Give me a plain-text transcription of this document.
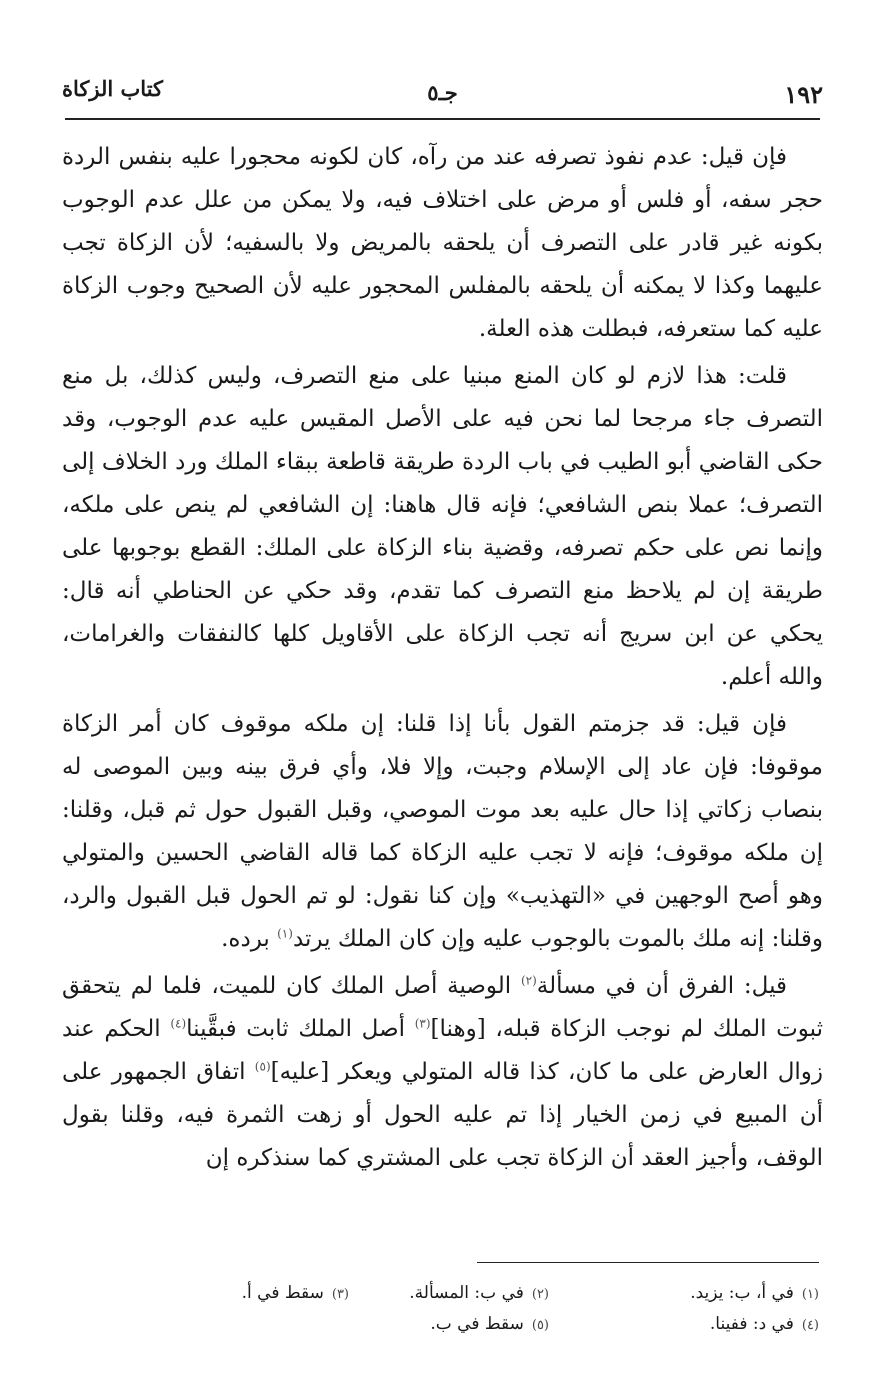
١٩٢
جـ٥
كتاب الزكاة

فإن قيل: عدم نفوذ تصرفه عند من رآه، كان لكونه محجورا عليه بنفس الردة حجر سفه، أو فلس أو مرض على اختلاف فيه، ولا يمكن من علل عدم الوجوب بكونه غير قادر على التصرف أن يلحقه بالمريض ولا بالسفيه؛ لأن الزكاة تجب عليهما وكذا لا يمكنه أن يلحقه بالمفلس المحجور عليه لأن الصحيح وجوب الزكاة عليه كما ستعرفه، فبطلت هذه العلة.

قلت: هذا لازم لو كان المنع مبنيا على منع التصرف، وليس كذلك، بل منع التصرف جاء مرجحا لما نحن فيه على الأصل المقيس عليه عدم الوجوب، وقد حكى القاضي أبو الطيب في باب الردة طريقة قاطعة ببقاء الملك ورد الخلاف إلى التصرف؛ عملا بنص الشافعي؛ فإنه قال هاهنا: إن الشافعي لم ينص على ملكه، وإنما نص على حكم تصرفه، وقضية بناء الزكاة على الملك: القطع بوجوبها على طريقة إن لم يلاحظ منع التصرف كما تقدم، وقد حكي عن الحناطي أنه قال: يحكي عن ابن سريج أنه تجب الزكاة على الأقاويل كلها كالنفقات والغرامات، والله أعلم.

فإن قيل: قد جزمتم القول بأنا إذا قلنا: إن ملكه موقوف كان أمر الزكاة موقوفا: فإن عاد إلى الإسلام وجبت، وإلا فلا، وأي فرق بينه وبين الموصى له بنصاب زكاتي إذا حال عليه بعد موت الموصي، وقبل القبول حول ثم قبل، وقلنا: إن ملكه موقوف؛ فإنه لا تجب عليه الزكاة كما قاله القاضي الحسين والمتولي وهو أصح الوجهين في «التهذيب» وإن كنا نقول: لو تم الحول قبل القبول والرد، وقلنا: إنه ملك بالموت بالوجوب عليه وإن كان الملك يرتد$^{(١)}$ برده.

قيل: الفرق أن في مسألة$^{(٢)}$ الوصية أصل الملك كان للميت، فلما لم يتحقق ثبوت الملك لم نوجب الزكاة قبله، [وهنا]$^{(٣)}$ أصل الملك ثابت فبقَّينا$^{(٤)}$ الحكم عند زوال العارض على ما كان، كذا قاله المتولي ويعكر [عليه]$^{(٥)}$ اتفاق الجمهور على أن المبيع في زمن الخيار إذا تم عليه الحول أو زهت الثمرة فيه، وقلنا بقول الوقف، وأجيز العقد أن الزكاة تجب على المشتري كما سنذكره إن

(١)في أ، ب: يزيد.
(٢)في ب: المسألة.
(٣)سقط في أ.
(٤)في د: ففينا.
(٥)سقط في ب.
